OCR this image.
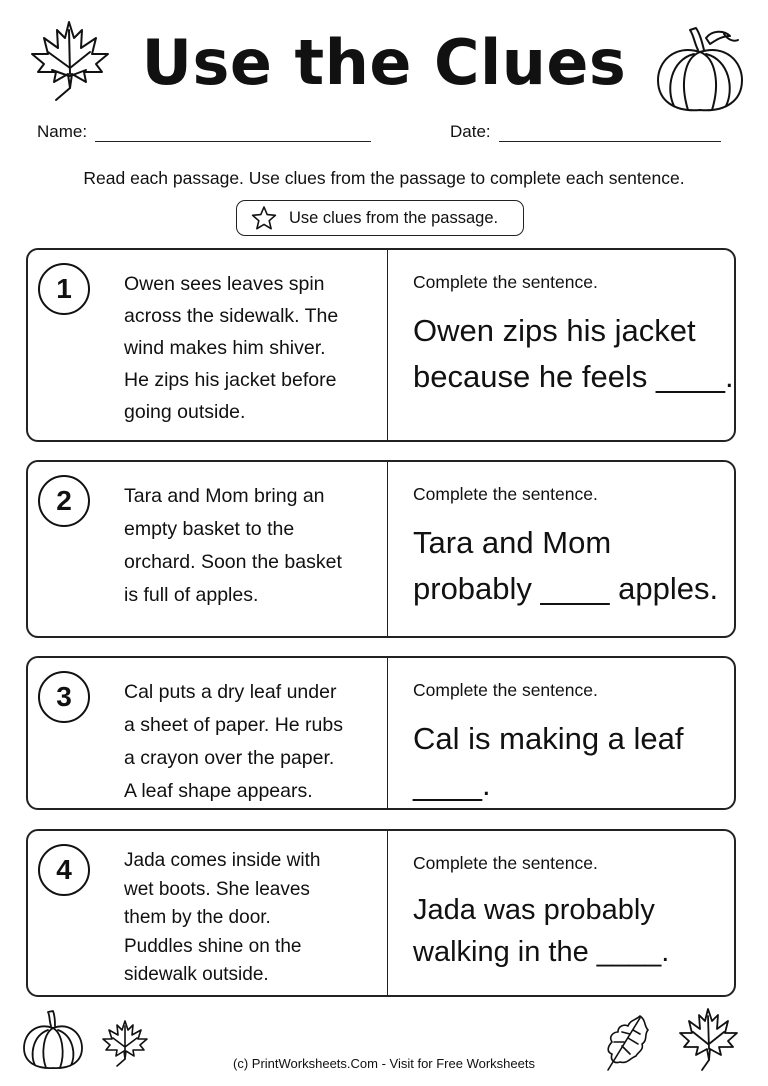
Use the Clues
Name:	Date:

Read each passage. Use clues from the passage to complete each sentence.

Use clues from the passage.
1	Owen sees leaves spin
across the sidewalk. The
wind makes him shiver.
He zips his jacket before
going outside.

Complete the sentence.

Owen zips his jacket
because he feels ____.

2	Tara and Mom bring an
empty basket to the
orchard. Soon the basket
is full of apples.

Complete the sentence.

Tara and Mom
probably ____ apples.

3	Cal puts a dry leaf under
a sheet of paper. He rubs
a crayon over the paper.
A leaf shape appears.

Complete the sentence.

Cal is making a leaf ____.

4	Jada comes inside with
wet boots. She leaves
them by the door.
Puddles shine on the
sidewalk outside.

Complete the sentence.

Jada was probably
walking in the ____.

(c) PrintWorksheets.Com - Visit for Free Worksheets
